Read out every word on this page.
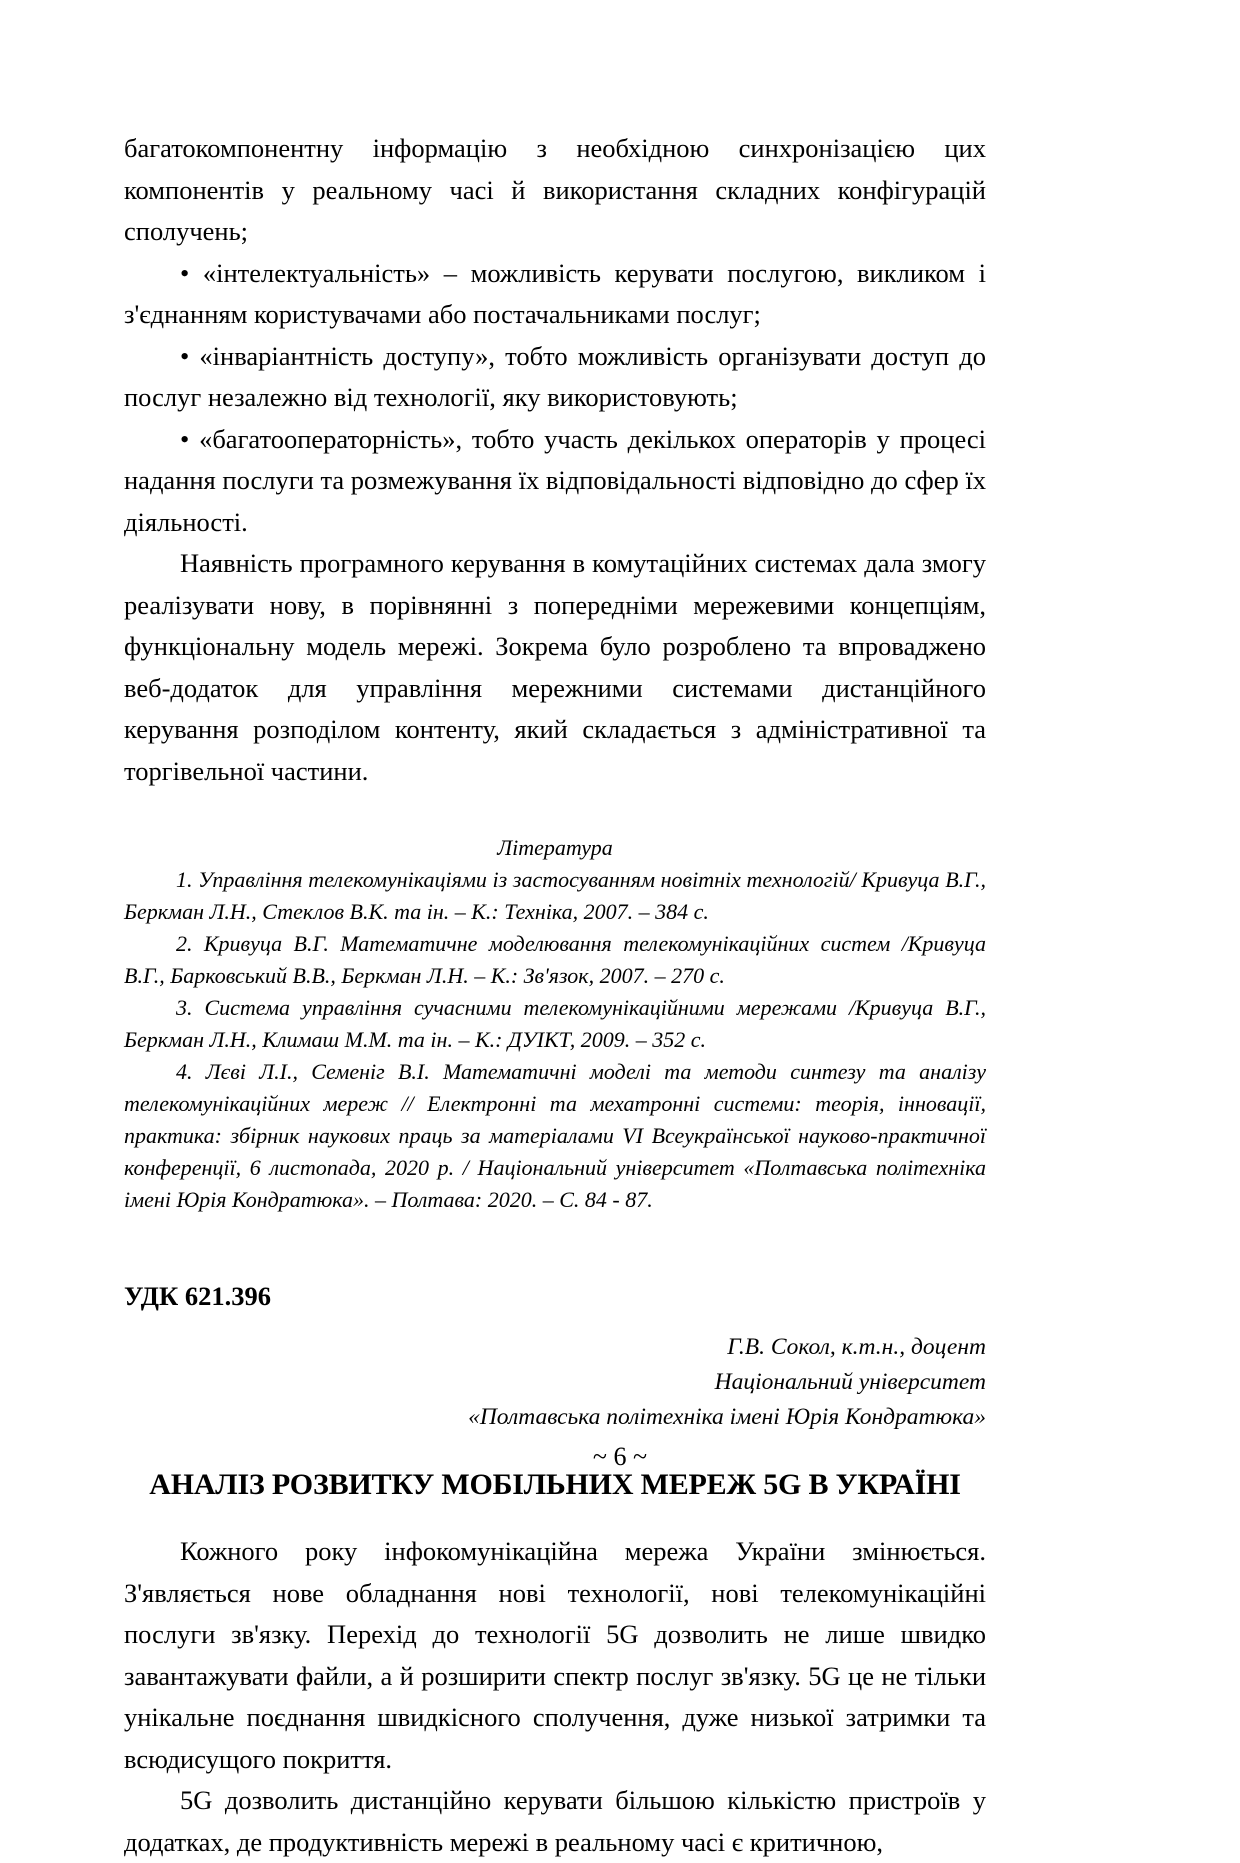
багатокомпонентну інформацію з необхідною синхронізацією цих компонентів у реальному часі й використання складних конфігурацій сполучень;

• «інтелектуальність» – можливість керувати послугою, викликом і з'єднанням користувачами або постачальниками послуг;

• «інваріантність доступу», тобто можливість організувати доступ до послуг незалежно від технології, яку використовують;

• «багатооператорність», тобто участь декількох операторів у процесі надання послуги та розмежування їх відповідальності відповідно до сфер їх діяльності.

Наявність програмного керування в комутаційних системах дала змогу реалізувати нову, в порівнянні з попередніми мережевими концепціям, функціональну модель мережі. Зокрема було розроблено та впроваджено веб-додаток для управління мережними системами дистанційного керування розподілом контенту, який складається з адміністративної та торгівельної частини.

Література

1. Управління телекомунікаціями із застосуванням новітніх технологій/ Кривуца В.Г., Беркман Л.Н., Стеклов В.К. та ін. – К.: Техніка, 2007. – 384 с.

2. Кривуца В.Г. Математичне моделювання телекомунікаційних систем /Кривуца В.Г., Барковський В.В., Беркман Л.Н. – К.: Зв'язок, 2007. – 270 с.

3. Система управління сучасними телекомунікаційними мережами /Кривуца В.Г., Беркман Л.Н., Климаш М.М. та ін. – К.: ДУІКТ, 2009. – 352 с.

4. Лєві Л.І., Семеніг В.І. Математичні моделі та методи синтезу та аналізу телекомунікаційних мереж // Електронні та мехатронні системи: теорія, інновації, практика: збірник наукових праць за матеріалами VI Всеукраїнської науково-практичної конференції, 6 листопада, 2020 р. / Національний університет «Полтавська політехніка імені Юрія Кондратюка». – Полтава: 2020. – С. 84 - 87.

УДК 621.396

Г.В. Сокол, к.т.н., доцент
Національний університет
«Полтавська політехніка імені Юрія Кондратюка»
АНАЛІЗ РОЗВИТКУ МОБІЛЬНИХ МЕРЕЖ 5G В УКРАЇНІ

Кожного року інфокомунікаційна мережа України змінюється. З'являється нове обладнання нові технології, нові телекомунікаційні послуги зв'язку. Перехід до технології 5G дозволить не лише швидко завантажувати файли, а й розширити спектр послуг зв'язку. 5G це не тільки унікальне поєднання швидкісного сполучення, дуже низької затримки та всюдисущого покриття.

5G дозволить дистанційно керувати більшою кількістю пристроїв у додатках, де продуктивність мережі в реальному часі є критичною,

~ 6 ~
